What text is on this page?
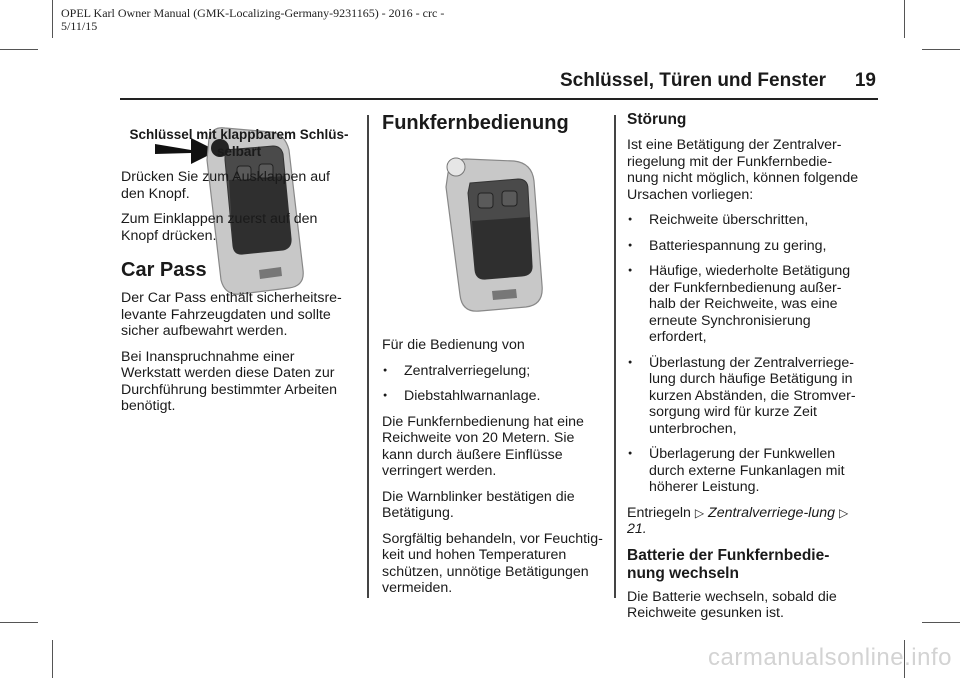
OPEL Karl Owner Manual (GMK-Localizing-Germany-9231165) - 2016 - crc -
5/11/15
Schlüssel, Türen und Fenster 19

Schlüssel mit klappbarem Schlüs-selbart

Drücken Sie zum Ausklappen auf den Knopf.

Zum Einklappen zuerst auf den Knopf drücken.

Car Pass

Der Car Pass enthält sicherheitsre-levante Fahrzeugdaten und sollte sicher aufbewahrt werden.

Bei Inanspruchnahme einer Werkstatt werden diese Daten zur Durchführung bestimmter Arbeiten benötigt.

Funkfernbedienung

Für die Bedienung von

● Zentralverriegelung;
● Diebstahlwarnanlage.

Die Funkfernbedienung hat eine Reichweite von 20 Metern. Sie kann durch äußere Einflüsse verringert werden.

Die Warnblinker bestätigen die Betätigung.

Sorgfältig behandeln, vor Feuchtig-keit und hohen Temperaturen schützen, unnötige Betätigungen vermeiden.

Störung

Ist eine Betätigung der Zentralver-riegelung mit der Funkfernbedie-nung nicht möglich, können folgende Ursachen vorliegen:

● Reichweite überschritten,
● Batteriespannung zu gering,
● Häufige, wiederholte Betätigung der Funkfernbedienung außer-halb der Reichweite, was eine erneute Synchronisierung erfordert,
● Überlastung der Zentralverriege-lung durch häufige Betätigung in kurzen Abständen, die Stromver-sorgung wird für kurze Zeit unterbrochen,
● Überlagerung der Funkwellen durch externe Funkanlagen mit höherer Leistung.

Entriegeln ▷ Zentralverriege-lung ▷ 21.

Batterie der Funkfernbedie-nung wechseln

Die Batterie wechseln, sobald die Reichweite gesunken ist.

carmanualsonline.info
